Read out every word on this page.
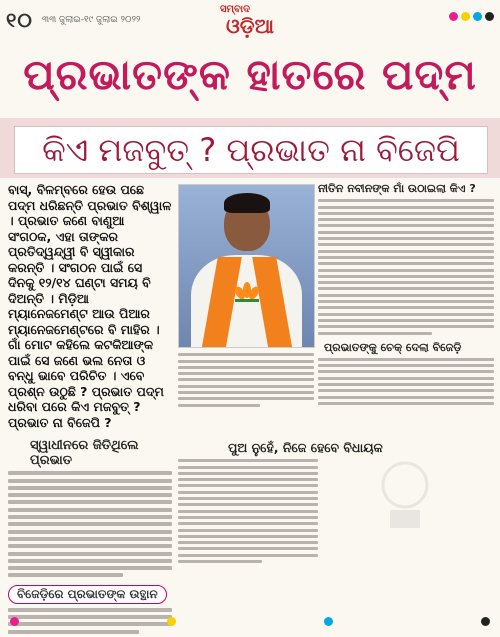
୧୦ ୩୩ ଜୁଲାଇ-୧୯ ଜୁଲାଇ ୨୦୨୨
ସମ୍ବାଦ
ଓଡ଼ିଆ
ପ୍ରଭାତଙ୍କ ହାତରେ ପଦ୍ମ
କିଏ ମଜବୁତ୍ ? ପ୍ରଭାତ ନା ବିଜେପି

ବାସ୍, ବିଳମ୍ବରେ ହେଉ ପଛେ ପଦ୍ମ ଧରିଛନ୍ତି ପ୍ରଭାତ ବିଶ୍ୱାଳ । ପ୍ରଭାତ ଜଣେ ବାଣୁଆ ସଂଗଠକ, ଏହା ତାଙ୍କର ପ୍ରତିଦ୍ୱନ୍ଦ୍ୱୀ ବି ସ୍ୱୀକାର କରନ୍ତି । ସଂଗଠନ ପାଇଁ ସେ ଦିନକୁ ୧୨/୧୪ ଘଣ୍ଟା ସମୟ ବି ଦିଅନ୍ତି । ମିଡ଼ିଆ ମ୍ୟାନେଜମେଣ୍ଟ ଆଉ ପିଆର ମ୍ୟାନେଜମେଣ୍ଟରେ ବି ମାହିର । ଗାଁ ମୋଟ କହିଲେ କଟକିଆଙ୍କ ପାଇଁ ସେ ଜଣେ ଭଲ ନେତା ଓ ବନ୍ଧୁ ଭାବେ ପରିଚିତ । ଏବେ ପ୍ରଶ୍ନ ଉଠୁଛି ? ପ୍ରଭାତ ପଦ୍ମ ଧରିବା ପରେ କିଏ ମଜବୁତ୍ ? ପ୍ରଭାତ ନା ବିଜେପି ?

ସ୍ୱାଧୀନରେ ଜିତିଥିଲେ ପ୍ରଭାତ
ବିଜେଡ଼ିରେ ପ୍ରଭାତଙ୍କ ଉତ୍ଥାନ
ନୀତିନ ନବୀନଙ୍କ ମାଁ ଉଠାଇଲା କିଏ ?
ପ୍ରଭାତଙ୍କୁ ଚେକ୍ ଦେଲା ବିଜେଡ଼ି
ପୁଅ ନୁହେଁ, ନିଜେ ହେବେ ବିଧାୟକ
